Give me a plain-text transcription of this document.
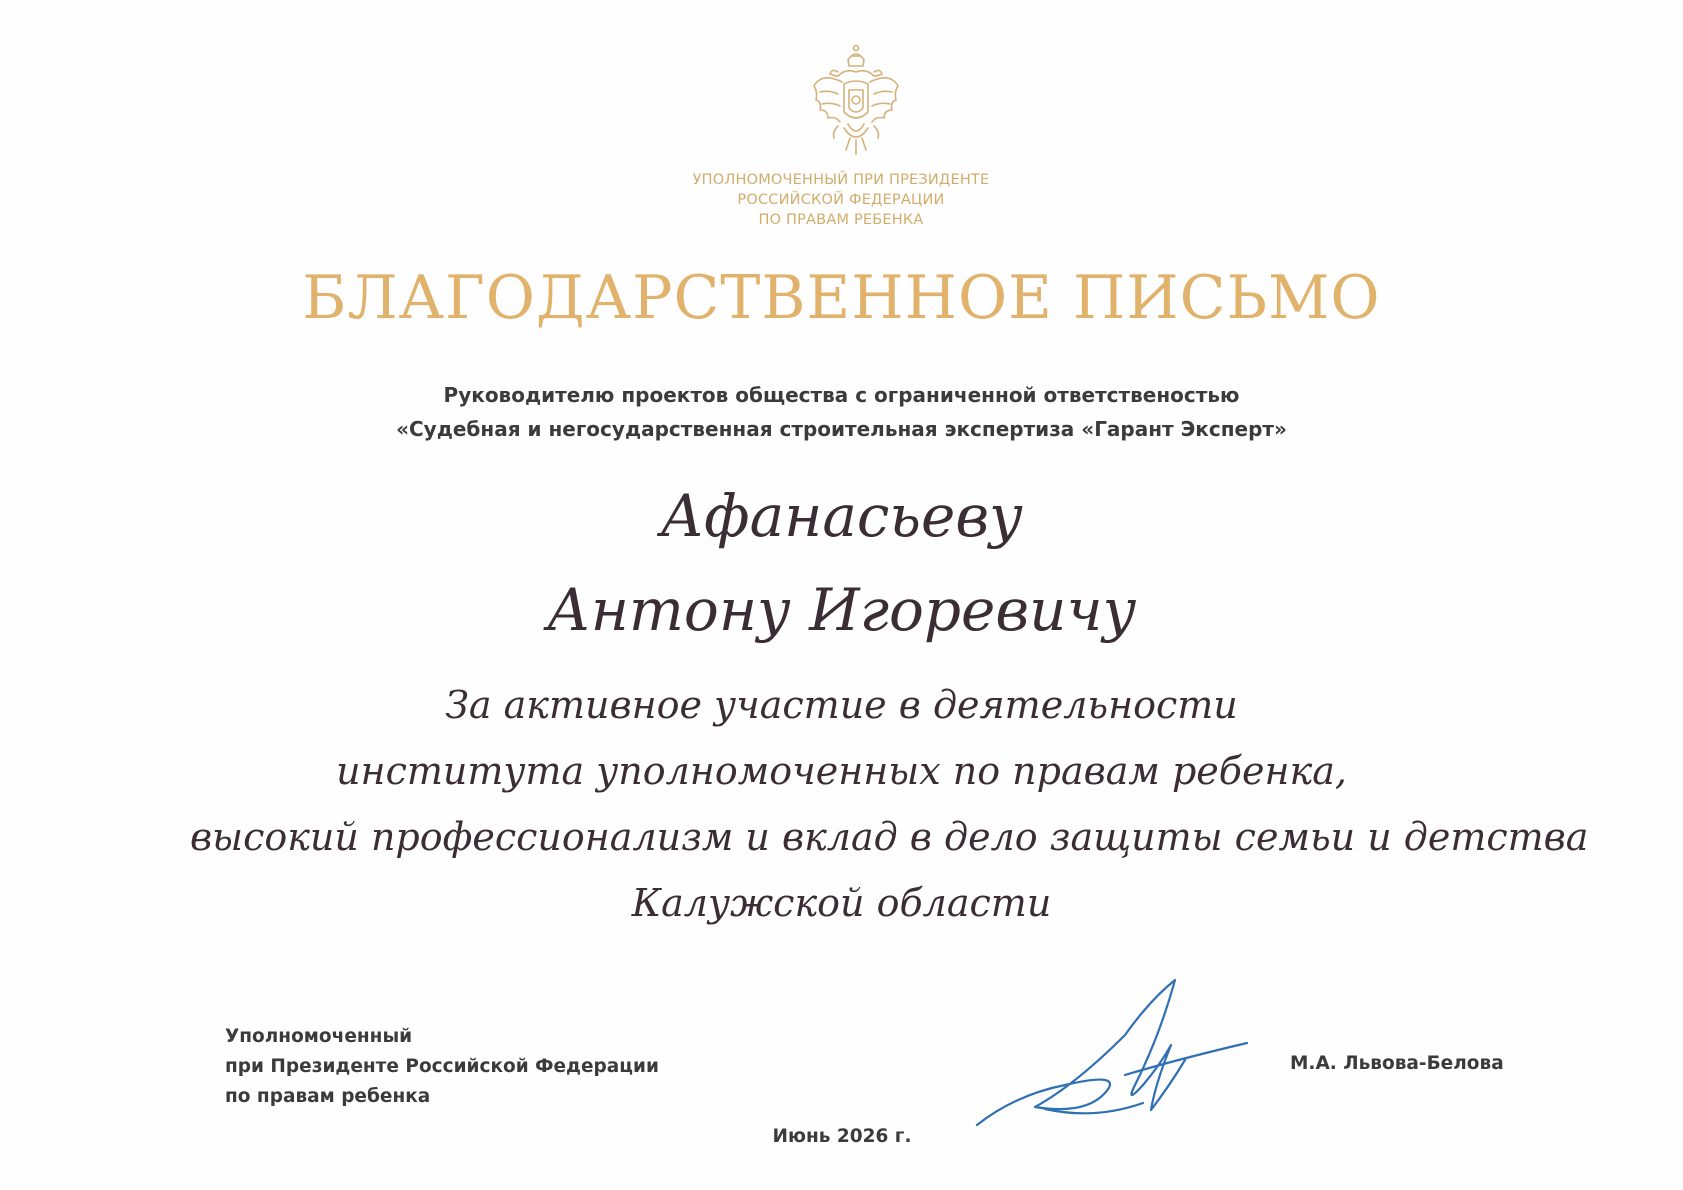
УПОЛНОМОЧЕННЫЙ ПРИ ПРЕЗИДЕНТЕ
РОССИЙСКОЙ ФЕДЕРАЦИИ
ПО ПРАВАМ РЕБЕНКА
БЛАГОДАРСТВЕННОЕ ПИСЬМО
Руководителю проектов общества с ограниченной ответственостью
«Судебная и негосударственная строительная экспертиза «Гарант Эксперт»
Афанасьеву
Антону Игоревичу
За активное участие в деятельности
института уполномоченных по правам ребенка,
высокий профессионализм и вклад в дело защиты семьи и детства
Калужской области
Уполномоченный
при Президенте Российской Федерации
по правам ребенка
М.А. Львова-Белова
Июнь 2026 г.
